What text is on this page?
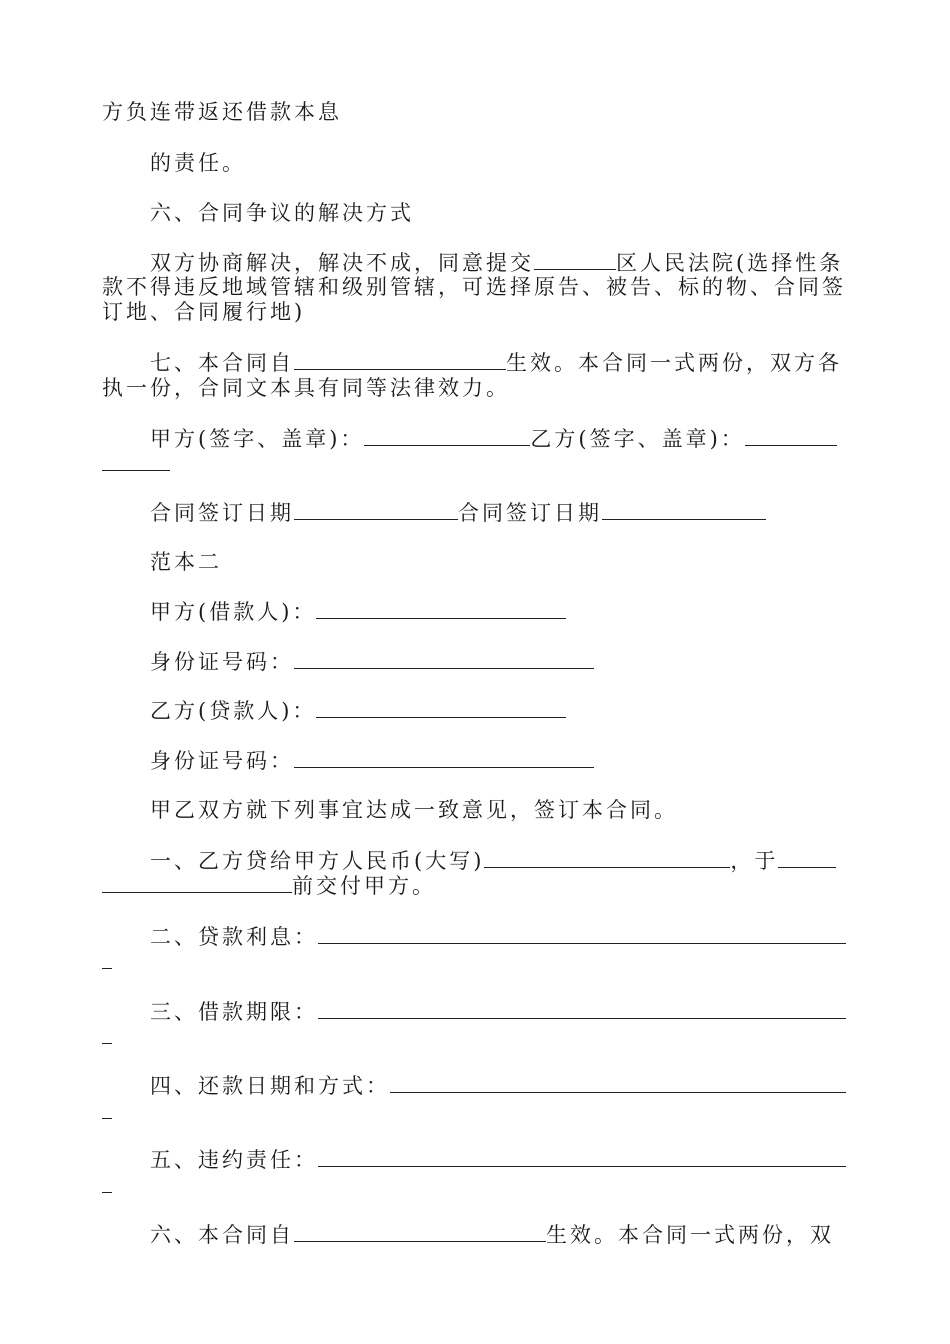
方负连带返还借款本息

的责任。

六、合同争议的解决方式

双方协商解决，解决不成，同意提交	区人民法院(选择性条

款不得违反地域管辖和级别管辖，可选择原告、被告、标的物、合同签

订地、合同履行地)

七、本合同自	生效。本合同一式两份，双方各

执一份，合同文本具有同等法律效力。

甲方(签字、盖章)：	乙方(签字、盖章)：

合同签订日期	合同签订日期

范本二

甲方(借款人)：

身份证号码：

乙方(贷款人)：

身份证号码：

甲乙双方就下列事宜达成一致意见，签订本合同。

一、乙方贷给甲方人民币(大写)	，于

前交付甲方。

二、贷款利息：

三、借款期限：

四、还款日期和方式：

五、违约责任：

六、本合同自	生效。本合同一式两份，双
